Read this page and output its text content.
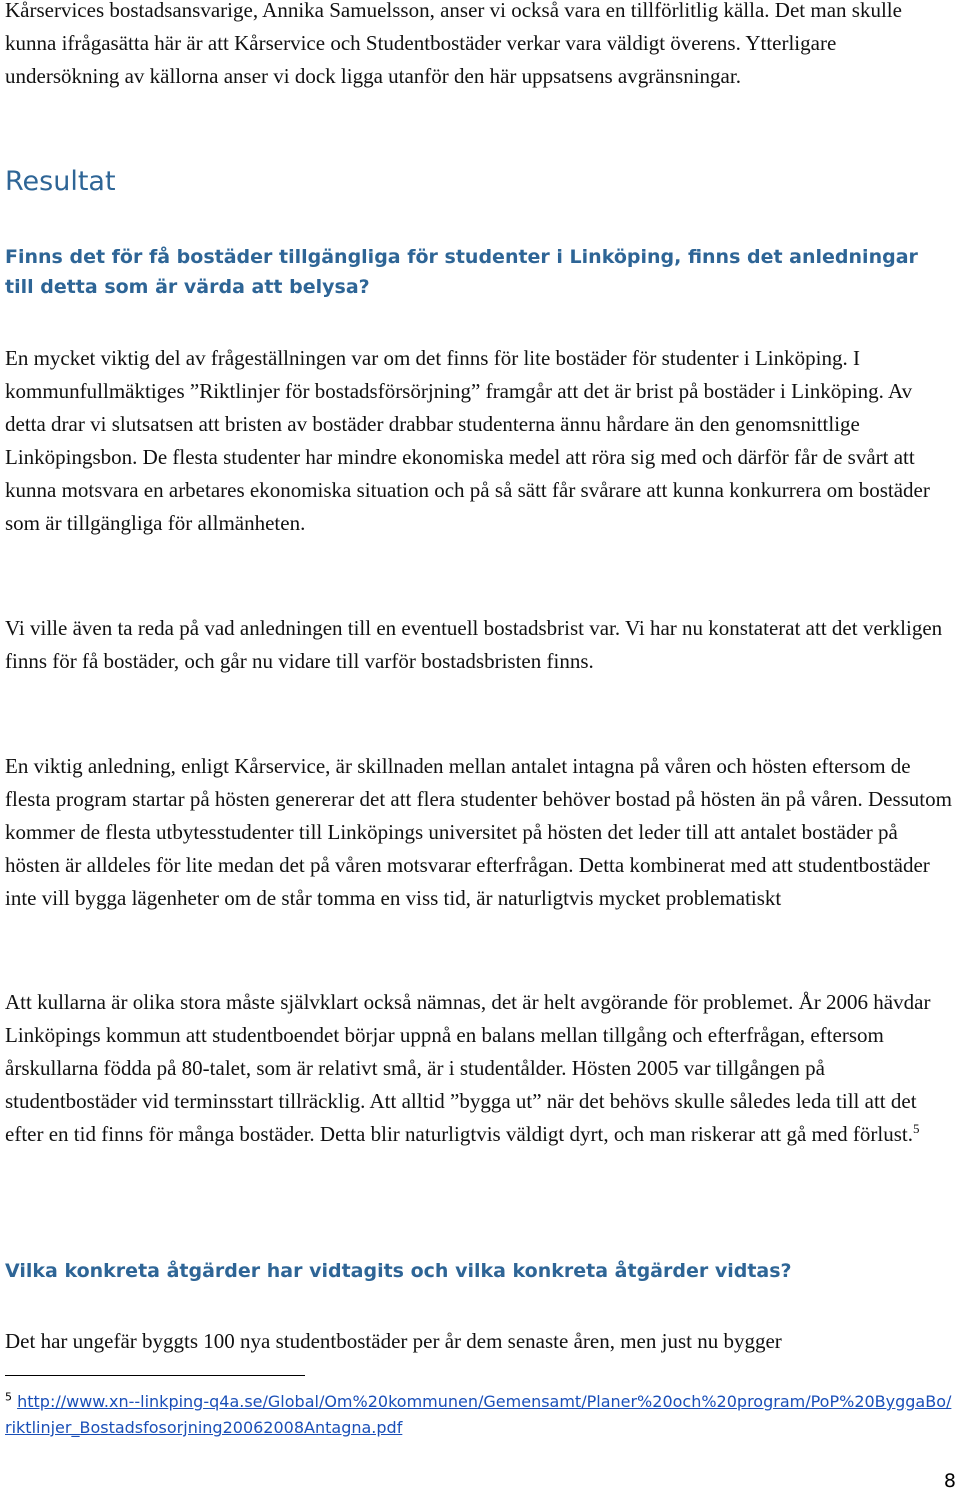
Kårservices bostadsansvarige, Annika Samuelsson, anser vi också vara en tillförlitlig källa. Det man skulle kunna ifrågasätta här är att Kårservice och Studentbostäder verkar vara väldigt överens. Ytterligare undersökning av källorna anser vi dock ligga utanför den här uppsatsens avgränsningar.

Resultat
Finns det för få bostäder tillgängliga för studenter i Linköping, finns det anledningar till detta som är värda att belysa?

En mycket viktig del av frågeställningen var om det finns för lite bostäder för studenter i Linköping. I kommunfullmäktiges ”Riktlinjer för bostadsförsörjning” framgår att det är brist på bostäder i Linköping. Av detta drar vi slutsatsen att bristen av bostäder drabbar studenterna ännu hårdare än den genomsnittlige Linköpingsbon. De flesta studenter har mindre ekonomiska medel att röra sig med och därför får de svårt att kunna motsvara en arbetares ekonomiska situation och på så sätt får svårare att kunna konkurrera om bostäder som är tillgängliga för allmänheten.

Vi ville även ta reda på vad anledningen till en eventuell bostadsbrist var. Vi har nu konstaterat att det verkligen finns för få bostäder, och går nu vidare till varför bostadsbristen finns.

En viktig anledning, enligt Kårservice, är skillnaden mellan antalet intagna på våren och hösten eftersom de flesta program startar på hösten genererar det att flera studenter behöver bostad på hösten än på våren. Dessutom kommer de flesta utbytesstudenter till Linköpings universitet på hösten det leder till att antalet bostäder på hösten är alldeles för lite medan det på våren motsvarar efterfrågan. Detta kombinerat med att studentbostäder inte vill bygga lägenheter om de står tomma en viss tid, är naturligtvis mycket problematiskt

Att kullarna är olika stora måste självklart också nämnas, det är helt avgörande för problemet. År 2006 hävdar Linköpings kommun att studentboendet börjar uppnå en balans mellan tillgång och efterfrågan, eftersom årskullarna födda på 80-talet, som är relativt små, är i studentålder. Hösten 2005 var tillgången på studentbostäder vid terminsstart tillräcklig. Att alltid ”bygga ut” när det behövs skulle således leda till att det efter en tid finns för många bostäder. Detta blir naturligtvis väldigt dyrt, och man riskerar att gå med förlust.$^5$

Vilka konkreta åtgärder har vidtagits och vilka konkreta åtgärder vidtas?

Det har ungefär byggts 100 nya studentbostäder per år dem senaste åren, men just nu bygger

$^5$ http://www.xn--linkping-q4a.se/Global/Om%20kommunen/Gemensamt/Planer%20och%20program/PoP%20ByggaBo/riktlinjer_Bostadsfosorjning20062008Antagna.pdf
8
